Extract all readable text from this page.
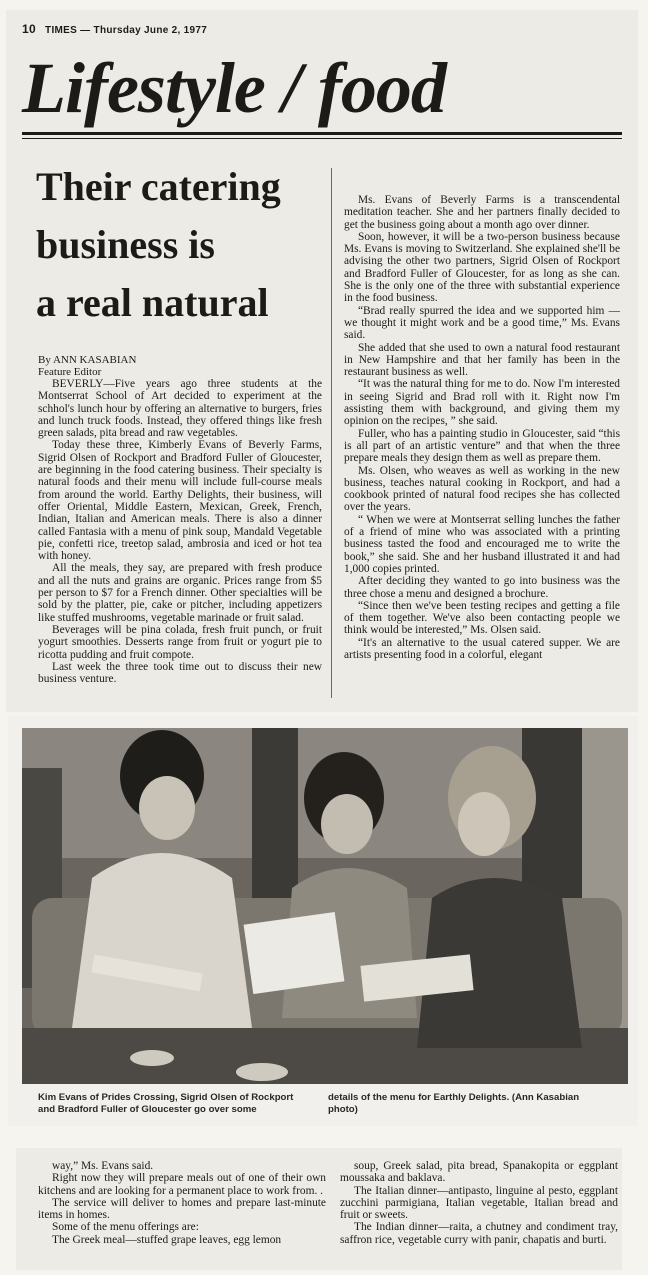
10 TIMES — Thursday June 2, 1977
Lifestyle / food
Their catering
business is
a real natural
By ANN KASABIAN
Feature Editor

BEVERLY—Five years ago three students at the Montserrat School of Art decided to experiment at the schhol's lunch hour by offering an alternative to burgers, fries and lunch truck foods. Instead, they offered things like fresh green salads, pita bread and raw vegetables.

Today these three, Kimberly Evans of Beverly Farms, Sigrid Olsen of Rockport and Bradford Fuller of Gloucester, are beginning in the food catering business. Their specialty is natural foods and their menu will include full-course meals from around the world. Earthy Delights, their business, will offer Oriental, Middle Eastern, Mexican, Greek, French, Indian, Italian and American meals. There is also a dinner called Fantasia with a menu of pink soup, Mandald Vegetable pie, confetti rice, treetop salad, ambrosia and iced or hot tea with honey.

All the meals, they say, are prepared with fresh produce and all the nuts and grains are organic. Prices range from $5 per person to $7 for a French dinner. Other specialties will be sold by the platter, pie, cake or pitcher, including appetizers like stuffed mushrooms, vegetable marinade or fruit salad.

Beverages will be pina colada, fresh fruit punch, or fruit yogurt smoothies. Desserts range from fruit or yogurt pie to ricotta pudding and fruit compote.

Last week the three took time out to discuss their new business venture.

Ms. Evans of Beverly Farms is a transcendental meditation teacher. She and her partners finally decided to get the business going about a month ago over dinner.

Soon, however, it will be a two-person business because Ms. Evans is moving to Switzerland. She explained she'll be advising the other two partners, Sigrid Olsen of Rockport and Bradford Fuller of Gloucester, for as long as she can. She is the only one of the three with substantial experience in the food business.

“Brad really spurred the idea and we supported him — we thought it might work and be a good time,” Ms. Evans said.

She added that she used to own a natural food restaurant in New Hampshire and that her family has been in the restaurant business as well.

“It was the natural thing for me to do. Now I'm interested in seeing Sigrid and Brad roll with it. Right now I'm assisting them with background, and giving them my opinion on the recipes, ” she said.

Fuller, who has a painting studio in Gloucester, said “this is all part of an artistic venture” and that when the three prepare meals they design them as well as prepare them.

Ms. Olsen, who weaves as well as working in the new business, teaches natural cooking in Rockport, and had a cookbook printed of natural food recipes she has collected over the years.

“ When we were at Montserrat selling lunches the father of a friend of mine who was associated with a printing business tasted the food and encouraged me to write the book,” she said. She and her husband illustrated it and had 1,000 copies printed.

After deciding they wanted to go into business was the three chose a menu and designed a brochure.

“Since then we've been testing recipes and getting a file of them together. We've also been contacting people we think would be interested,” Ms. Olsen said.

“It's an alternative to the usual catered supper. We are artists presenting food in a colorful, elegant

Kim Evans of Prides Crossing, Sigrid Olsen of Rockport and Bradford Fuller of Gloucester go over some
details of the menu for Earthly Delights. (Ann Kasabian photo)

way,” Ms. Evans said.

Right now they will prepare meals out of one of their own kitchens and are looking for a permanent place to work from. .

The service will deliver to homes and prepare last-minute items in homes.

Some of the menu offerings are:

The Greek meal—stuffed grape leaves, egg lemon

soup, Greek salad, pita bread, Spanakopita or eggplant moussaka and baklava.

The Italian dinner—antipasto, linguine al pesto, eggplant zucchini parmigiana, Italian vegetable, Italian bread and fruit or sweets.

The Indian dinner—raita, a chutney and condiment tray, saffron rice, vegetable curry with panir, chapatis and burti.
